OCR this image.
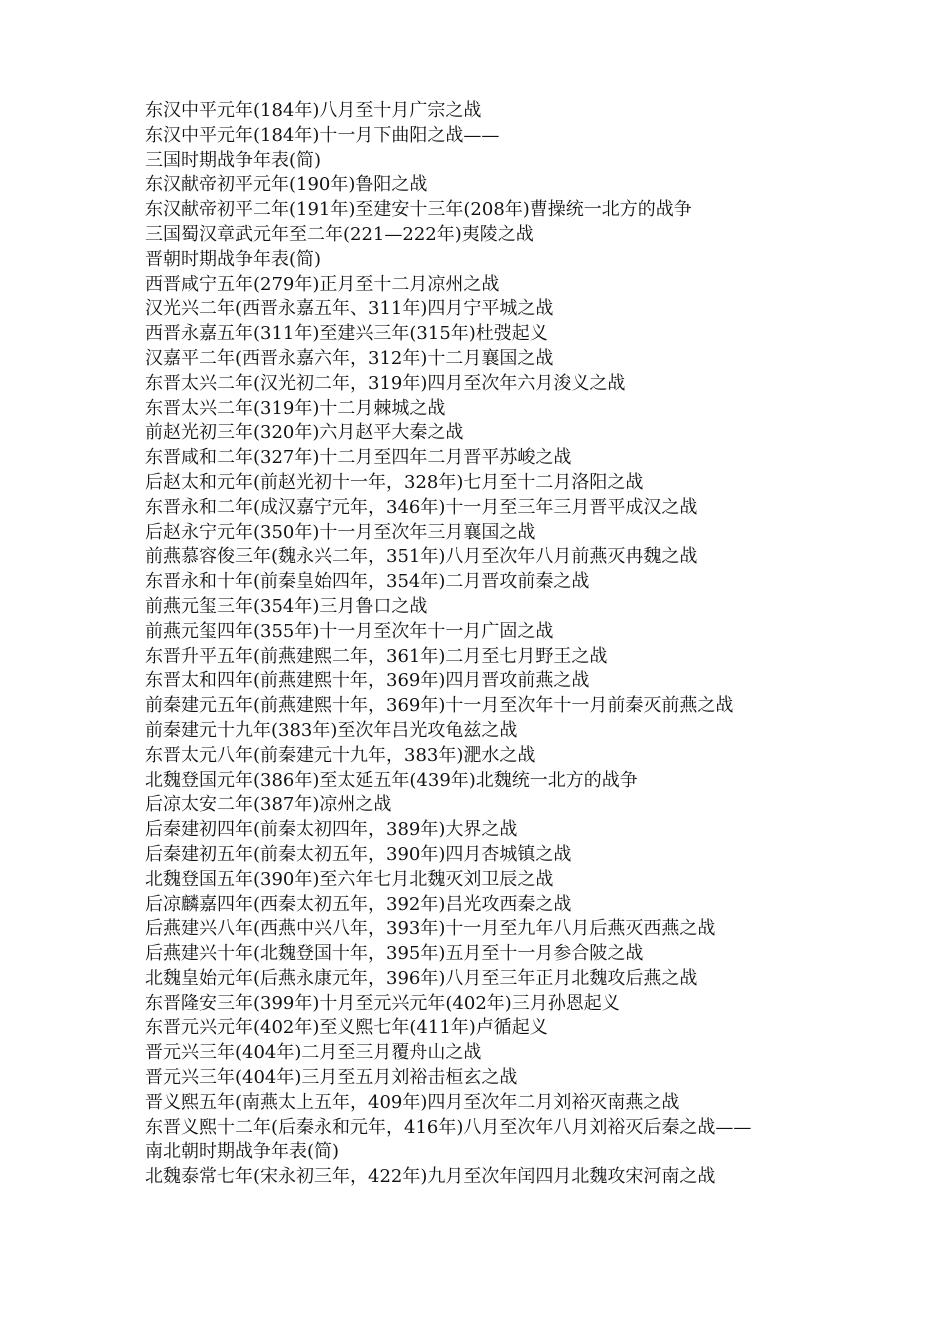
东汉中平元年(184年)八月至十月广宗之战
东汉中平元年(184年)十一月下曲阳之战——
三国时期战争年表(简)
东汉献帝初平元年(190年)鲁阳之战
东汉献帝初平二年(191年)至建安十三年(208年)曹操统一北方的战争
三国蜀汉章武元年至二年(221—222年)夷陵之战
晋朝时期战争年表(简)
西晋咸宁五年(279年)正月至十二月凉州之战
汉光兴二年(西晋永嘉五年、311年)四月宁平城之战
西晋永嘉五年(311年)至建兴三年(315年)杜弢起义
汉嘉平二年(西晋永嘉六年，312年)十二月襄国之战
东晋太兴二年(汉光初二年，319年)四月至次年六月浚义之战
东晋太兴二年(319年)十二月棘城之战
前赵光初三年(320年)六月赵平大秦之战
东晋咸和二年(327年)十二月至四年二月晋平苏峻之战
后赵太和元年(前赵光初十一年，328年)七月至十二月洛阳之战
东晋永和二年(成汉嘉宁元年，346年)十一月至三年三月晋平成汉之战
后赵永宁元年(350年)十一月至次年三月襄国之战
前燕慕容俊三年(魏永兴二年，351年)八月至次年八月前燕灭冉魏之战
东晋永和十年(前秦皇始四年，354年)二月晋攻前秦之战
前燕元玺三年(354年)三月鲁口之战
前燕元玺四年(355年)十一月至次年十一月广固之战
东晋升平五年(前燕建熙二年，361年)二月至七月野王之战
东晋太和四年(前燕建熙十年，369年)四月晋攻前燕之战
前秦建元五年(前燕建熙十年，369年)十一月至次年十一月前秦灭前燕之战
前秦建元十九年(383年)至次年吕光攻龟兹之战
东晋太元八年(前秦建元十九年，383年)淝水之战
北魏登国元年(386年)至太延五年(439年)北魏统一北方的战争
后凉太安二年(387年)凉州之战
后秦建初四年(前秦太初四年，389年)大界之战
后秦建初五年(前秦太初五年，390年)四月杏城镇之战
北魏登国五年(390年)至六年七月北魏灭刘卫辰之战
后凉麟嘉四年(西秦太初五年，392年)吕光攻西秦之战
后燕建兴八年(西燕中兴八年，393年)十一月至九年八月后燕灭西燕之战
后燕建兴十年(北魏登国十年，395年)五月至十一月参合陂之战
北魏皇始元年(后燕永康元年，396年)八月至三年正月北魏攻后燕之战
东晋隆安三年(399年)十月至元兴元年(402年)三月孙恩起义
东晋元兴元年(402年)至义熙七年(411年)卢循起义
晋元兴三年(404年)二月至三月覆舟山之战
晋元兴三年(404年)三月至五月刘裕击桓玄之战
晋义熙五年(南燕太上五年，409年)四月至次年二月刘裕灭南燕之战
东晋义熙十二年(后秦永和元年，416年)八月至次年八月刘裕灭后秦之战——
南北朝时期战争年表(简)
北魏泰常七年(宋永初三年，422年)九月至次年闰四月北魏攻宋河南之战
